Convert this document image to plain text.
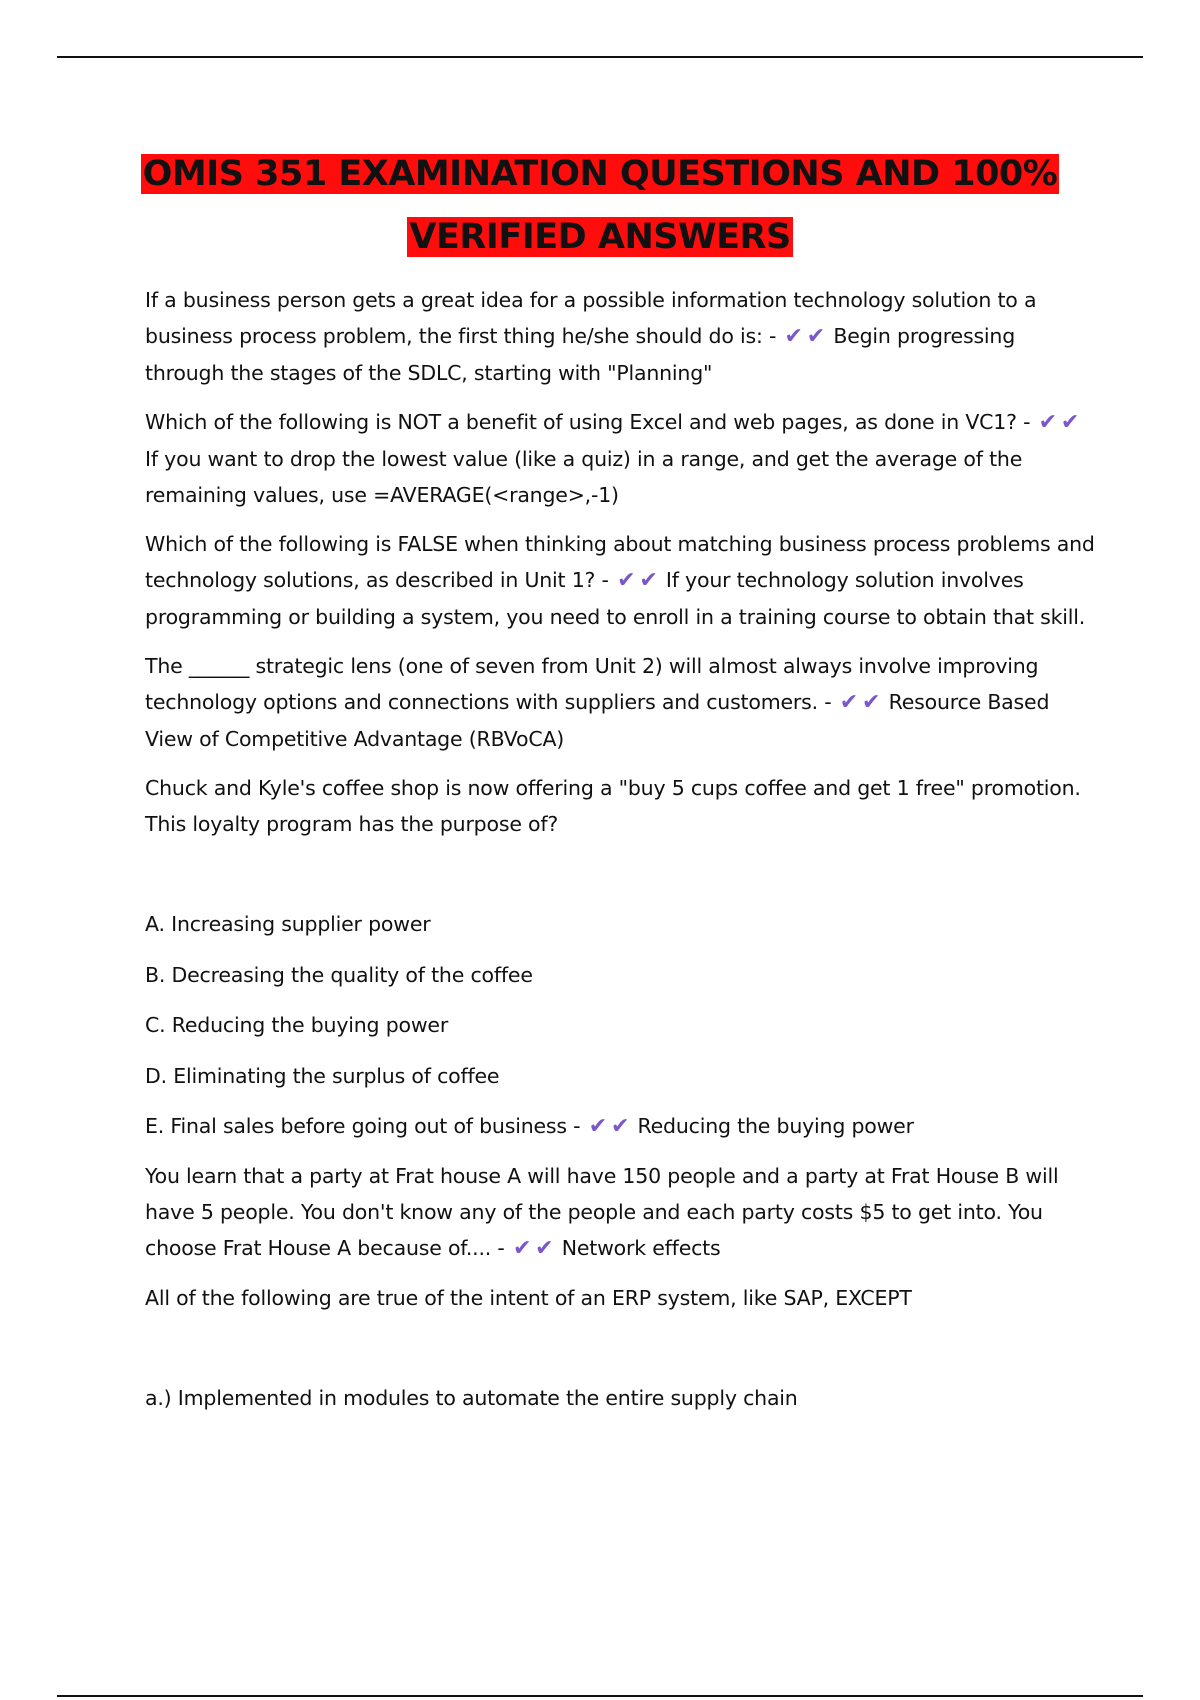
OMIS 351 EXAMINATION QUESTIONS AND 100%
VERIFIED ANSWERS

If a business person gets a great idea for a possible information technology solution to a business process problem, the first thing he/she should do is: - ✔ ✔ Begin progressing through the stages of the SDLC, starting with "Planning"

Which of the following is NOT a benefit of using Excel and web pages, as done in VC1? - ✔ ✔ If you want to drop the lowest value (like a quiz) in a range, and get the average of the remaining values, use =AVERAGE(<range>,-1)

Which of the following is FALSE when thinking about matching business process problems and technology solutions, as described in Unit 1? - ✔ ✔ If your technology solution involves programming or building a system, you need to enroll in a training course to obtain that skill.

The ______ strategic lens (one of seven from Unit 2) will almost always involve improving technology options and connections with suppliers and customers. - ✔ ✔ Resource Based View of Competitive Advantage (RBVoCA)

Chuck and Kyle's coffee shop is now offering a "buy 5 cups coffee and get 1 free" promotion. This loyalty program has the purpose of?

A. Increasing supplier power

B. Decreasing the quality of the coffee

C. Reducing the buying power

D. Eliminating the surplus of coffee

E. Final sales before going out of business - ✔ ✔ Reducing the buying power

You learn that a party at Frat house A will have 150 people and a party at Frat House B will have 5 people. You don't know any of the people and each party costs $5 to get into. You choose Frat House A because of.... - ✔ ✔ Network effects

All of the following are true of the intent of an ERP system, like SAP, EXCEPT

a.) Implemented in modules to automate the entire supply chain
